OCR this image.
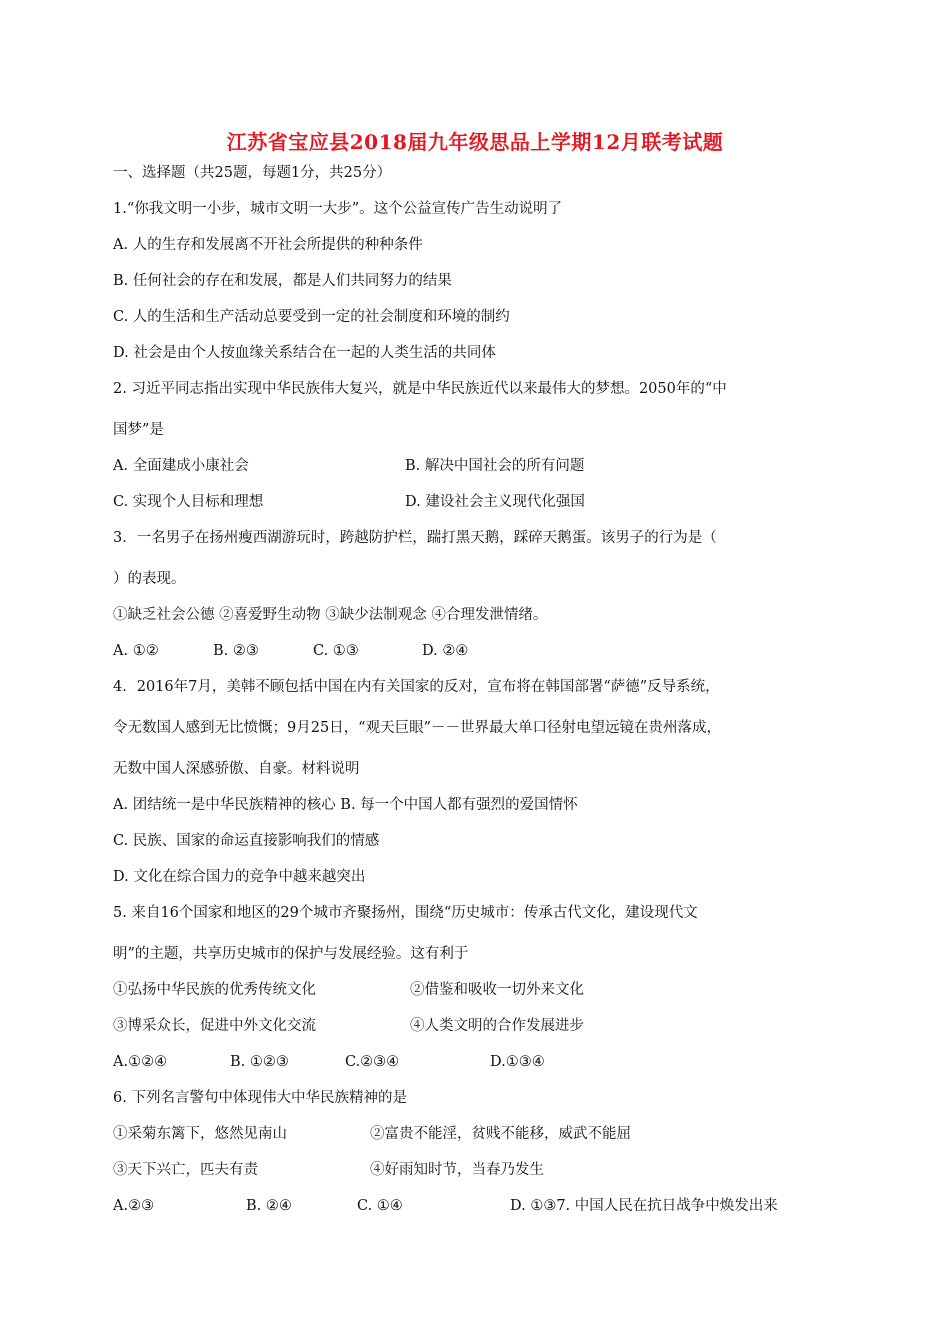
江苏省宝应县2018届九年级思品上学期12月联考试题
一、选择题（共25题，每题1分，共25分）
1.“你我文明一小步，城市文明一大步”。这个公益宣传广告生动说明了
A. 人的生存和发展离不开社会所提供的种种条件
B. 任何社会的存在和发展，都是人们共同努力的结果
C. 人的生活和生产活动总要受到一定的社会制度和环境的制约
D. 社会是由个人按血缘关系结合在一起的人类生活的共同体
2. 习近平同志指出实现中华民族伟大复兴，就是中华民族近代以来最伟大的梦想。2050年的“中
国梦”是
A. 全面建成小康社会	B. 解决中国社会的所有问题
C. 实现个人目标和理想	D. 建设社会主义现代化强国
3．一名男子在扬州瘦西湖游玩时，跨越防护栏，踹打黑天鹅，踩碎天鹅蛋。该男子的行为是（
）的表现。
①缺乏社会公德 ②喜爱野生动物 ③缺少法制观念 ④合理发泄情绪。
A. ①②	B. ②③	C. ①③	D. ②④
4．2016年7月，美韩不顾包括中国在内有关国家的反对，宣布将在韩国部署“萨德”反导系统，
令无数国人感到无比愤慨；9月25日，“观天巨眼”－－世界最大单口径射电望远镜在贵州落成，
无数中国人深感骄傲、自豪。材料说明
A. 团结统一是中华民族精神的核心 B. 每一个中国人都有强烈的爱国情怀
C. 民族、国家的命运直接影响我们的情感
D. 文化在综合国力的竞争中越来越突出
5. 来自16个国家和地区的29个城市齐聚扬州，围绕“历史城市：传承古代文化，建设现代文
明”的主题，共享历史城市的保护与发展经验。这有利于
①弘扬中华民族的优秀传统文化	②借鉴和吸收一切外来文化
③博采众长，促进中外文化交流	④人类文明的合作发展进步
A.①②④	B. ①②③	C.②③④	D.①③④
6. 下列名言警句中体现伟大中华民族精神的是
①采菊东篱下，悠然见南山	②富贵不能淫，贫贱不能移，威武不能屈
③天下兴亡，匹夫有责	④好雨知时节，当春乃发生
A.②③	B. ②④	C. ①④	D. ①③7. 中国人民在抗日战争中焕发出来
